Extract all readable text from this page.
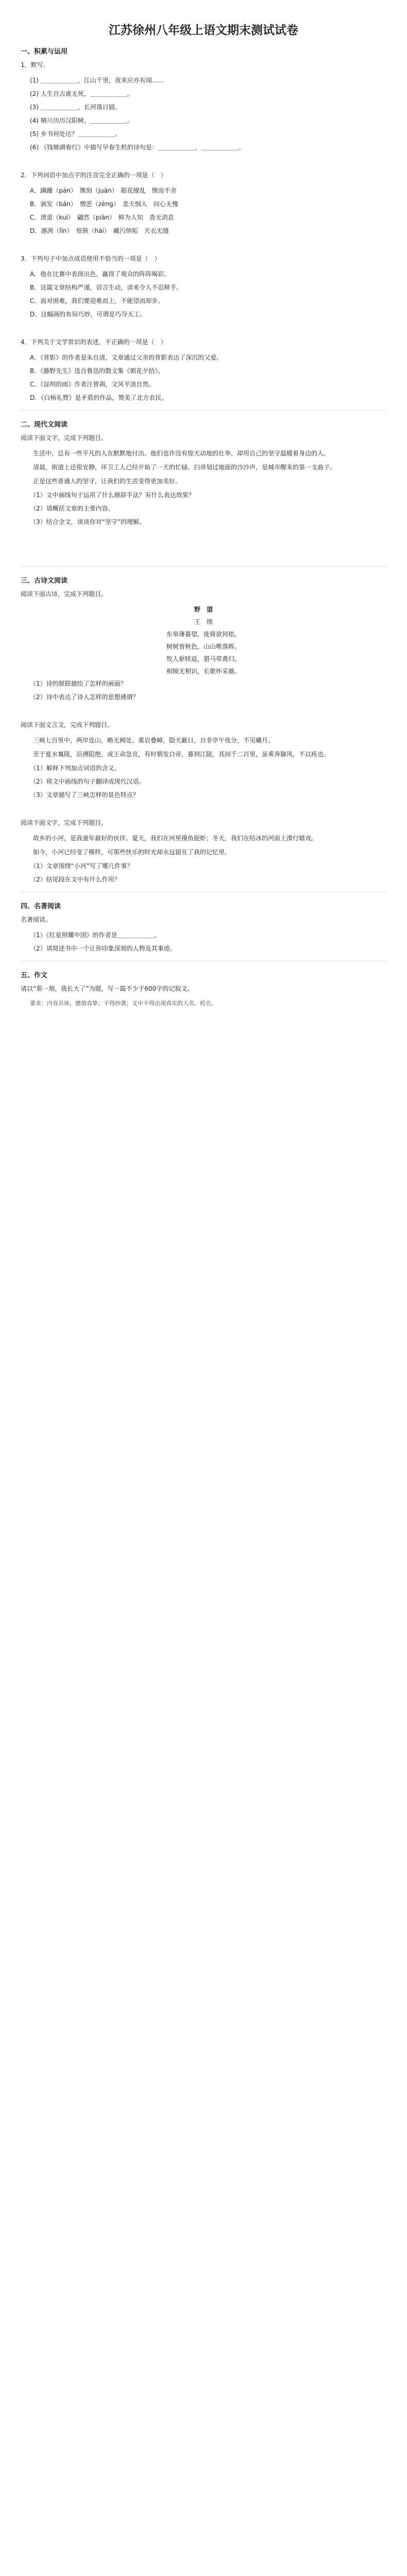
江苏徐州八年级上语文期末测试试卷
一、积累与运用
1．默写。
(1) ＿＿＿＿＿＿，江山千里，夜来应亦有闻……
(2) 人生自古谁无死，＿＿＿＿＿＿。
(3) ＿＿＿＿＿＿，长河落日圆。
(4) 晴川历历汉阳树，＿＿＿＿＿＿。
(5) 乡书何处达？＿＿＿＿＿＿。
(6) 《钱塘湖春行》中描写早春生机的诗句是：＿＿＿＿＿＿，＿＿＿＿＿＿。
2．下列词语中加点字的注音完全正确的一项是（　）
A．蹒跚（pán）　镌刻（juān）　眼花缭乱　锲而不舍
B．颁发（bān）　憎恶（zèng）　悲天悯人　问心无愧
C．溃退（kuì）　翩然（piān）　鲜为人知　杳无消息
D．凛冽（lǐn）　惊骇（hài）　藏污纳垢　天衣无缝
3．下列句子中加点成语使用不恰当的一项是（　）
A．他在比赛中表现出色，赢得了观众的阵阵喝彩。
B．这篇文章结构严谨，语言生动，读来令人不忍释手。
C．面对困难，我们要迎难而上，不能望而却步。
D．这幅画的布局巧妙，可谓是巧夺天工。
4．下列关于文学常识的表述，不正确的一项是（　）
A．《背影》的作者是朱自清，文章通过父亲的背影表达了深沉的父爱。
B．《藤野先生》选自鲁迅的散文集《朝花夕拾》。
C．《昆明的雨》作者汪曾祺，文风平淡自然。
D．《白杨礼赞》是矛盾的作品，赞美了北方农民。
二、现代文阅读
阅读下面文字，完成下列题目。

生活中，总有一些平凡的人在默默地付出。他们也许没有惊天动地的壮举，却用自己的坚守温暖着身边的人。

清晨，街道上还很安静，环卫工人已经开始了一天的忙碌。扫帚划过地面的沙沙声，是城市醒来的第一支曲子。

正是这些普通人的坚守，让我们的生活变得更加美好。

（1）文中画线句子运用了什么修辞手法？有什么表达效果？
（2）请概括文章的主要内容。
（3）结合全文，谈谈你对“坚守”的理解。
三、古诗文阅读
阅读下面古诗，完成下列题目。
野　望
王　绩
东皋薄暮望，徙倚欲何依。
树树皆秋色，山山唯落晖。
牧人驱犊返，猎马带禽归。
相顾无相识，长歌怀采薇。
（1）诗的颔联描绘了怎样的画面？
（2）诗中表达了诗人怎样的思想感情？
阅读下面文言文，完成下列题目。

三峡七百里中，两岸连山，略无阙处。重岩叠嶂，隐天蔽日，自非亭午夜分，不见曦月。

至于夏水襄陵，沿溯阻绝。或王命急宣，有时朝发白帝，暮到江陵，其间千二百里，虽乘奔御风，不以疾也。

（1）解释下列加点词语的含义。
（2）将文中画线的句子翻译成现代汉语。
（3）文章描写了三峡怎样的景色特点？
阅读下面文字，完成下列题目。

故乡的小河，是我童年最好的伙伴。夏天，我们在河里摸鱼捉虾；冬天，我们在结冰的河面上滑行嬉戏。

如今，小河已经变了模样，可那些快乐的时光却永远留在了我的记忆里。

（1）文章围绕“小河”写了哪几件事？
（2）结尾段在文中有什么作用？
四、名著阅读
名著阅读。
（1）《红星照耀中国》的作者是＿＿＿＿＿＿。
（2）请简述书中一个让你印象深刻的人物及其事迹。
五、作文
请以“那一刻，我长大了”为题，写一篇不少于600字的记叙文。
要求：内容具体，感情真挚；不得抄袭；文中不得出现真实的人名、校名。
